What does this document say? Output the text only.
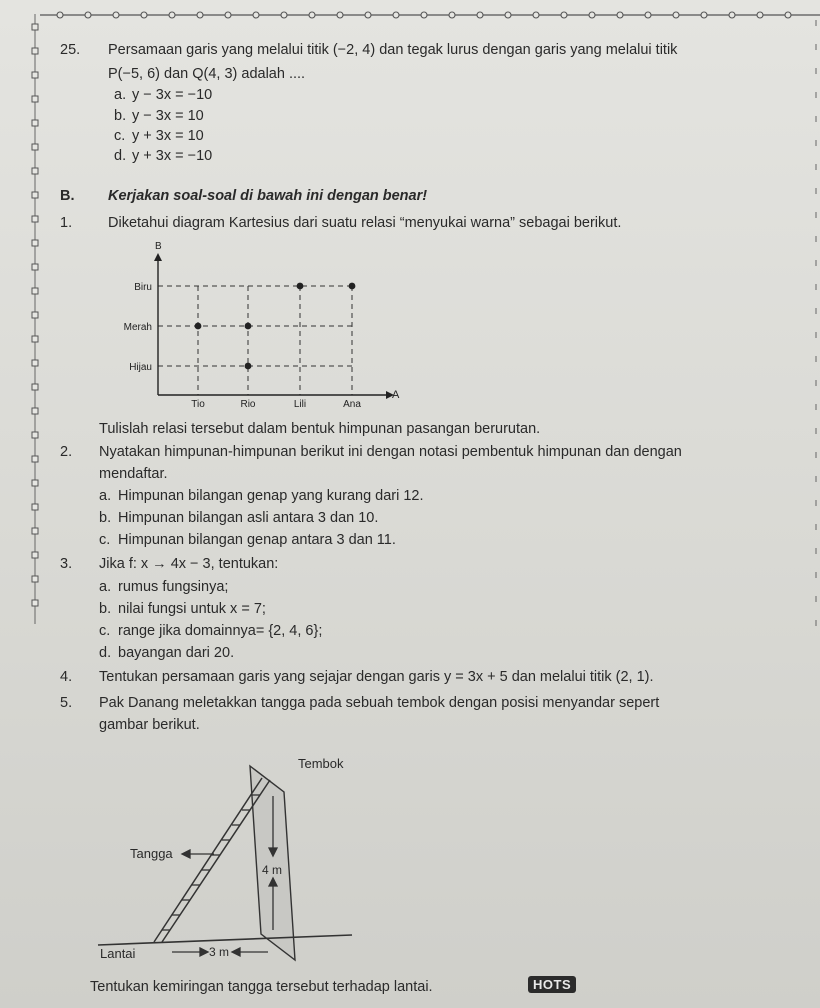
25. Persamaan garis yang melalui titik (−2, 4) dan tegak lurus dengan garis yang melalui titik
P(−5, 6) dan Q(4, 3) adalah ....
a. y − 3x = −10
b. y − 3x = 10
c. y + 3x = 10
d. y + 3x = −10
B. Kerjakan soal-soal di bawah ini dengan benar!
1. Diketahui diagram Kartesius dari suatu relasi “menyukai warna” sebagai berikut.
A
B
Tio	Rio	Lili	Ana
Hijau
Merah
Biru
Tulislah relasi tersebut dalam bentuk himpunan pasangan berurutan.
2. Nyatakan himpunan-himpunan berikut ini dengan notasi pembentuk himpunan dan dengan
mendaftar.
a. Himpunan bilangan genap yang kurang dari 12.
b. Himpunan bilangan asli antara 3 dan 10.
c. Himpunan bilangan genap antara 3 dan 11.
3. Jika f: x → 4x − 3, tentukan:
a. rumus fungsinya;
b. nilai fungsi untuk x = 7;
c. range jika domainnya= {2, 4, 6};
d. bayangan dari 20.
4. Tentukan persamaan garis yang sejajar dengan garis y = 3x + 5 dan melalui titik (2, 1).
5. Pak Danang meletakkan tangga pada sebuah tembok dengan posisi menyandar sepert
gambar berikut.
Tembok
Tangga
4 m
Lantai	3 m
Tentukan kemiringan tangga tersebut terhadap lantai.	HOTS
